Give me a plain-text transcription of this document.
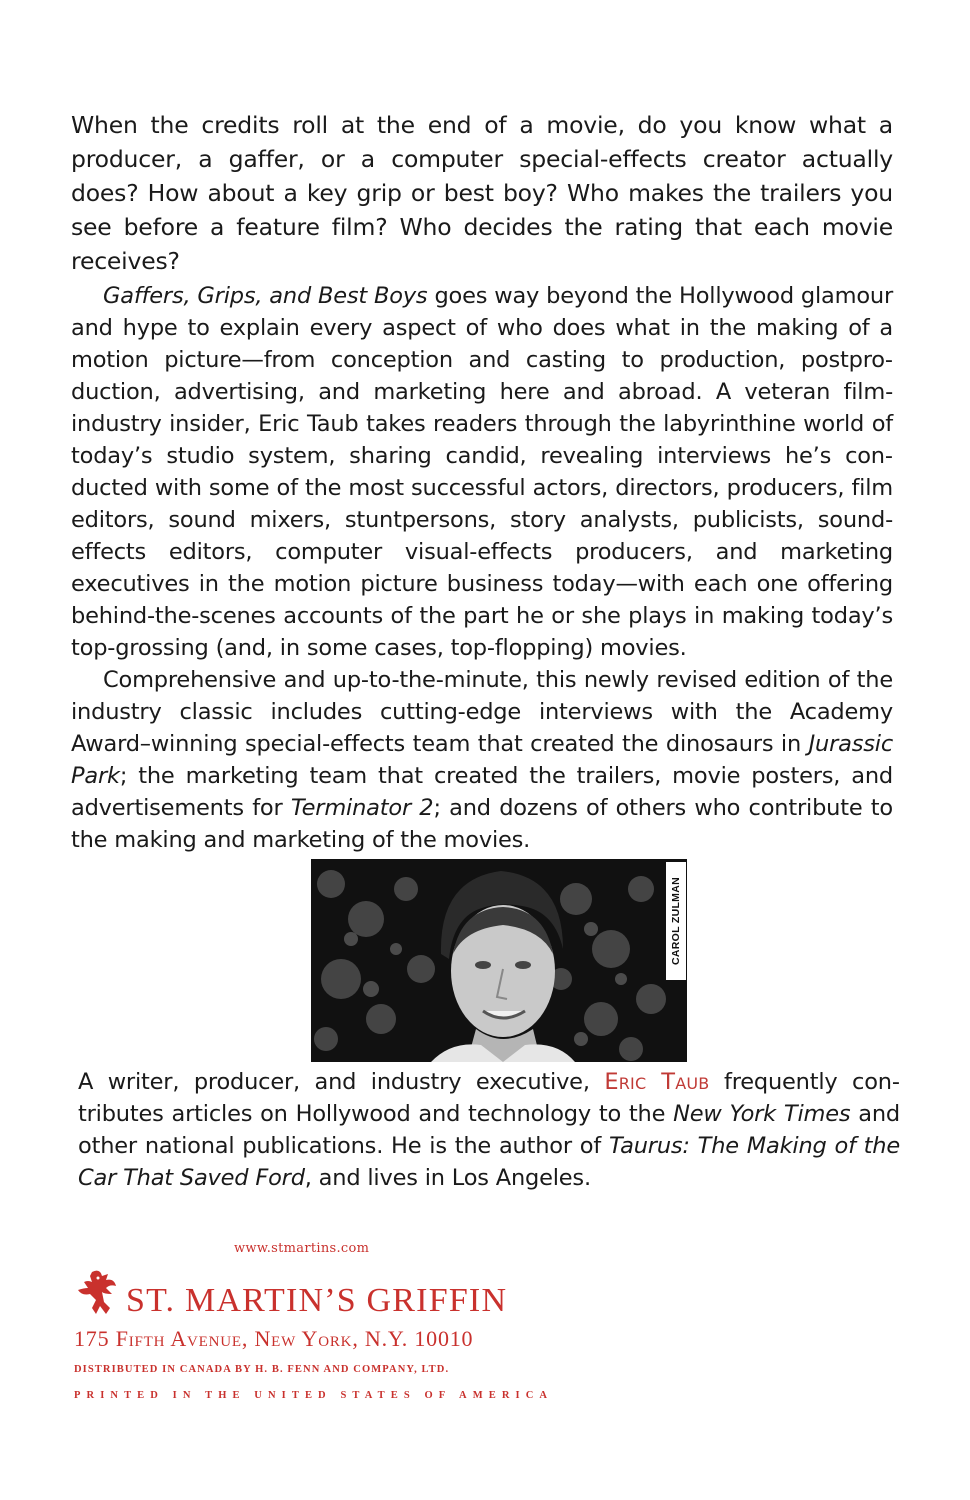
When the credits roll at the end of a movie, do you know what a producer, a gaffer, or a computer special-effects creator actually does? How about a key grip or best boy? Who makes the trailers you see before a feature film? Who decides the rating that each movie receives?

Gaffers, Grips, and Best Boys goes way beyond the Hollywood glamour and hype to explain every aspect of who does what in the making of a motion picture—from conception and casting to production, postproduction, advertising, and marketing here and abroad. A veteran film-industry insider, Eric Taub takes readers through the labyrinthine world of today’s studio system, sharing candid, revealing interviews he’s conducted with some of the most successful actors, directors, producers, film editors, sound mixers, stuntpersons, story analysts, publicists, sound-effects editors, computer visual-effects producers, and marketing executives in the motion picture business today—with each one offering behind-the-scenes accounts of the part he or she plays in making today’s top-grossing (and, in some cases, top-flopping) movies.

Comprehensive and up-to-the-minute, this newly revised edition of the industry classic includes cutting-edge interviews with the Academy Award–winning special-effects team that created the dinosaurs in Jurassic Park; the marketing team that created the trailers, movie posters, and advertisements for Terminator 2; and dozens of others who contribute to the making and marketing of the movies.

CAROL ZULMAN
A writer, producer, and industry executive, Eric Taub frequently contributes articles on Hollywood and technology to the New York Times and other national publications. He is the author of Taurus: The Making of the Car That Saved Ford, and lives in Los Angeles.
www.stmartins.com
ST. MARTIN’S GRIFFIN
175 Fifth Avenue, New York, N.Y. 10010
DISTRIBUTED IN CANADA BY H. B. FENN AND COMPANY, LTD.
PRINTED IN THE UNITED STATES OF AMERICA
